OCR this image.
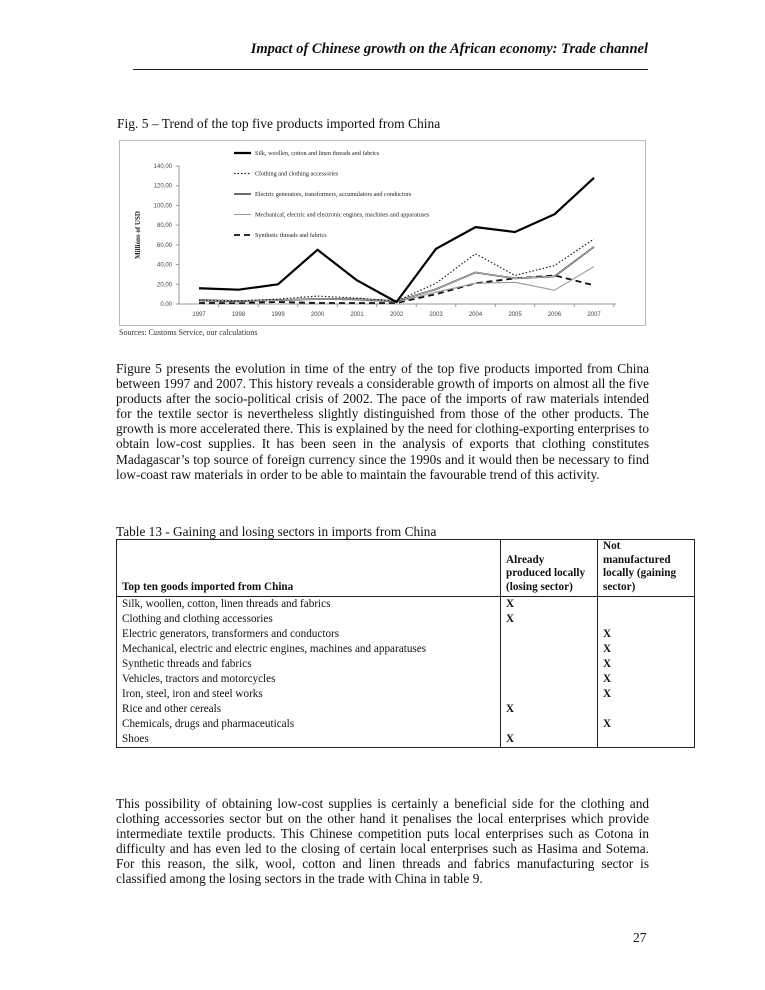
Impact of Chinese growth on the African economy: Trade channel
Fig. 5 – Trend of the top five products imported from China
0.00
20,00
40,00
60,00
80,00
100,00
120,00
140,00
1997	1998	1999	2000	2001	2002	2003	2004	2005	2006	2007
Millions of USD
Silk, woollen, cotton and linen threads and fabrics
Clothing and clothing accessories
Electric generators, transformers, accumulators and conductors
Mechanical, electric and electronic engines, machines and apparatuses
Synthetic threads and fabrics
Sources: Customs Service, our calculations
Figure 5 presents the evolution in time of the entry of the top five products imported from China between 1997 and 2007. This history reveals a considerable growth of imports on almost all the five products after the socio-political crisis of 2002. The pace of the imports of raw materials intended for the textile sector is nevertheless slightly distinguished from those of the other products. The growth is more accelerated there. This is explained by the need for clothing-exporting enterprises to obtain low-cost supplies. It has been seen in the analysis of exports that clothing constitutes Madagascar’s top source of foreign currency since the 1990s and it would then be necessary to find low-coast raw materials in order to be able to maintain the favourable trend of this activity.
Table 13 - Gaining and losing sectors in imports from China
Top ten goods imported from China	Already produced locally (losing sector)	Not manufactured locally (gaining sector)
Silk, woollen, cotton, linen threads and fabrics	X	
Clothing and clothing accessories	X	
Electric generators, transformers and conductors		X
Mechanical, electric and electric engines, machines and apparatuses		X
Synthetic threads and fabrics		X
Vehicles, tractors and motorcycles		X
Iron, steel, iron and steel works		X
Rice and other cereals	X	
Chemicals, drugs and pharmaceuticals		X
Shoes	X	
This possibility of obtaining low-cost supplies is certainly a beneficial side for the clothing and clothing accessories sector but on the other hand it penalises the local enterprises which provide intermediate textile products. This Chinese competition puts local enterprises such as Cotona in difficulty and has even led to the closing of certain local enterprises such as Hasima and Sotema. For this reason, the silk, wool, cotton and linen threads and fabrics manufacturing sector is classified among the losing sectors in the trade with China in table 9.
27
